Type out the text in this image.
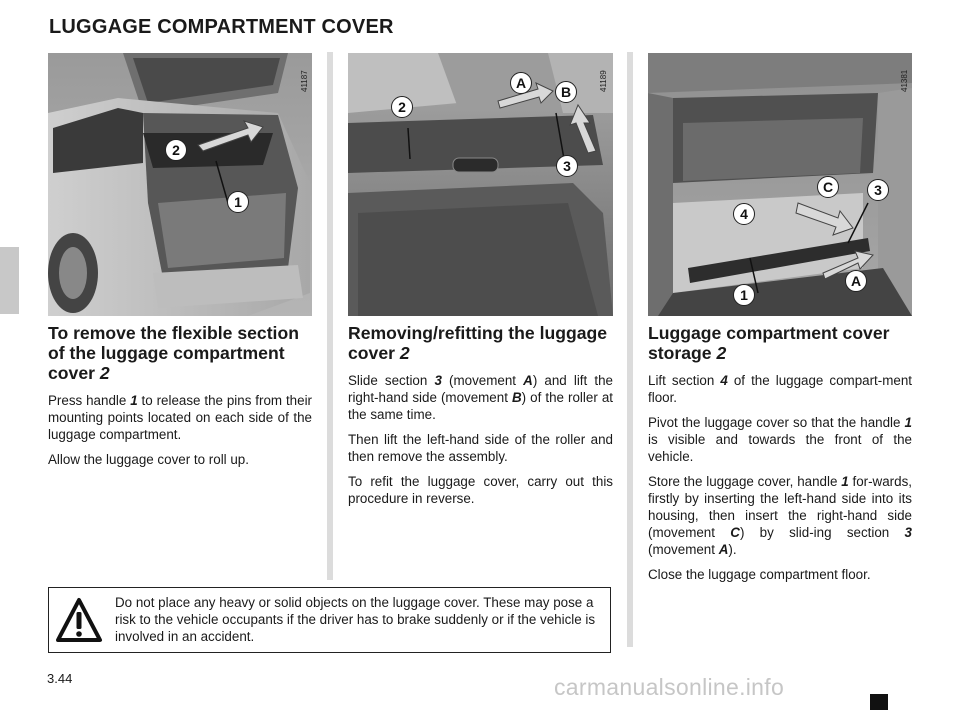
LUGGAGE COMPARTMENT COVER
41187
2
1
41189
A
B
2
3
41381
C	3
4
A
1
To remove the flexible section of the luggage compartment cover 2

Press handle 1 to release the pins from their mounting points located on each side of the luggage compartment.

Allow the luggage cover to roll up.

Removing/refitting the luggage cover 2

Slide section 3 (movement A) and lift the right-hand side (movement B) of the roller at the same time.

Then lift the left-hand side of the roller and then remove the assembly.

To refit the luggage cover, carry out this procedure in reverse.

Luggage compartment cover storage 2

Lift section 4 of the luggage compart-ment floor.

Pivot the luggage cover so that the handle 1 is visible and towards the front of the vehicle.

Store the luggage cover, handle 1 for-wards, firstly by inserting the left-hand side into its housing, then insert the right-hand side (movement C) by slid-ing section 3 (movement A).

Close the luggage compartment floor.

Do not place any heavy or solid objects on the luggage cover. These may pose a risk to the vehicle occupants if the driver has to brake suddenly or if the vehicle is involved in an accident.
3.44	carmanualsonline.info
